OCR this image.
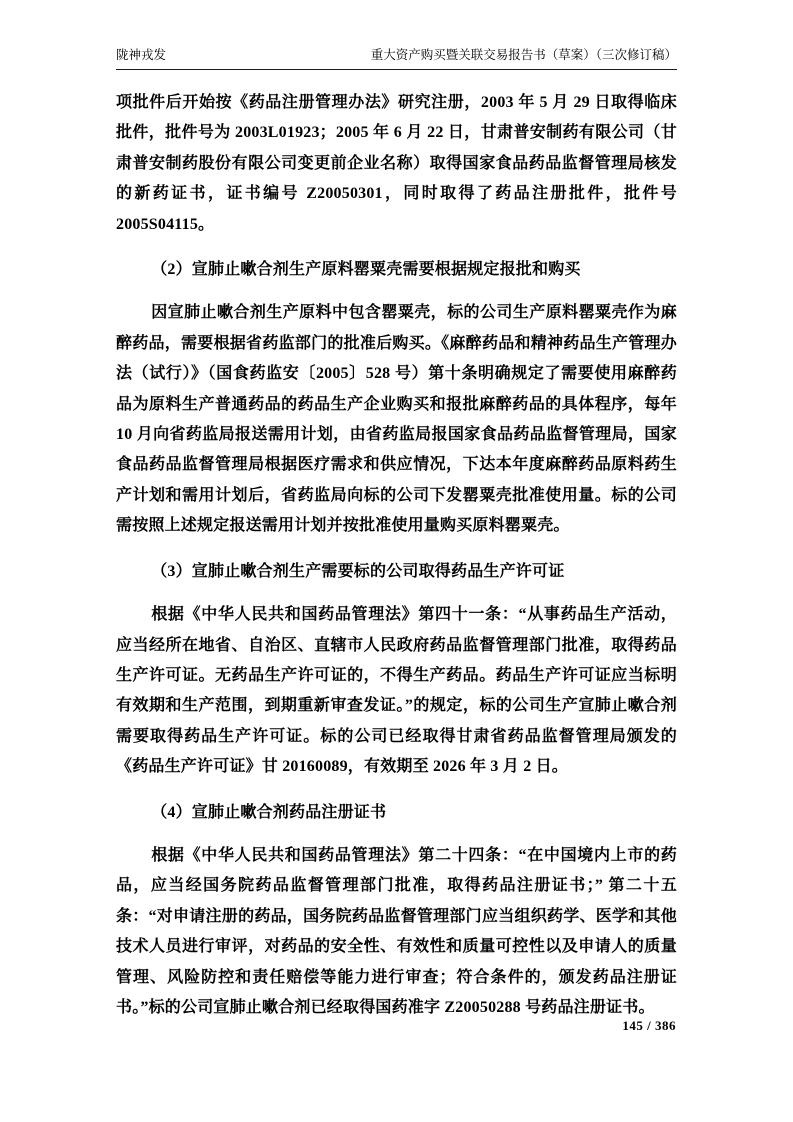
陇神戎发	重大资产购买暨关联交易报告书（草案）（三次修订稿）
项批件后开始按《药品注册管理办法》研究注册，2003 年 5 月 29 日取得临床批件，批件号为 2003L01923；2005 年 6 月 22 日，甘肃普安制药有限公司（甘肃普安制药股份有限公司变更前企业名称）取得国家食品药品监督管理局核发的新药证书，证书编号 Z20050301，同时取得了药品注册批件，批件号 2005S04115。
（2）宣肺止嗽合剂生产原料罂粟壳需要根据规定报批和购买
因宣肺止嗽合剂生产原料中包含罂粟壳，标的公司生产原料罂粟壳作为麻醉药品，需要根据省药监部门的批准后购买。《麻醉药品和精神药品生产管理办法（试行）》（国食药监安〔2005〕528 号）第十条明确规定了需要使用麻醉药品为原料生产普通药品的药品生产企业购买和报批麻醉药品的具体程序，每年 10 月向省药监局报送需用计划，由省药监局报国家食品药品监督管理局，国家食品药品监督管理局根据医疗需求和供应情况，下达本年度麻醉药品原料药生产计划和需用计划后，省药监局向标的公司下发罂粟壳批准使用量。标的公司需按照上述规定报送需用计划并按批准使用量购买原料罂粟壳。
（3）宣肺止嗽合剂生产需要标的公司取得药品生产许可证
根据《中华人民共和国药品管理法》第四十一条：“从事药品生产活动，应当经所在地省、自治区、直辖市人民政府药品监督管理部门批准，取得药品生产许可证。无药品生产许可证的，不得生产药品。药品生产许可证应当标明有效期和生产范围，到期重新审查发证。”的规定，标的公司生产宣肺止嗽合剂需要取得药品生产许可证。标的公司已经取得甘肃省药品监督管理局颁发的《药品生产许可证》甘 20160089，有效期至 2026 年 3 月 2 日。
（4）宣肺止嗽合剂药品注册证书
根据《中华人民共和国药品管理法》第二十四条：“在中国境内上市的药品，应当经国务院药品监督管理部门批准，取得药品注册证书；” 第二十五条：“对申请注册的药品，国务院药品监督管理部门应当组织药学、医学和其他技术人员进行审评，对药品的安全性、有效性和质量可控性以及申请人的质量管理、风险防控和责任赔偿等能力进行审查；符合条件的，颁发药品注册证书。”标的公司宣肺止嗽合剂已经取得国药准字 Z20050288 号药品注册证书。
145 / 386
